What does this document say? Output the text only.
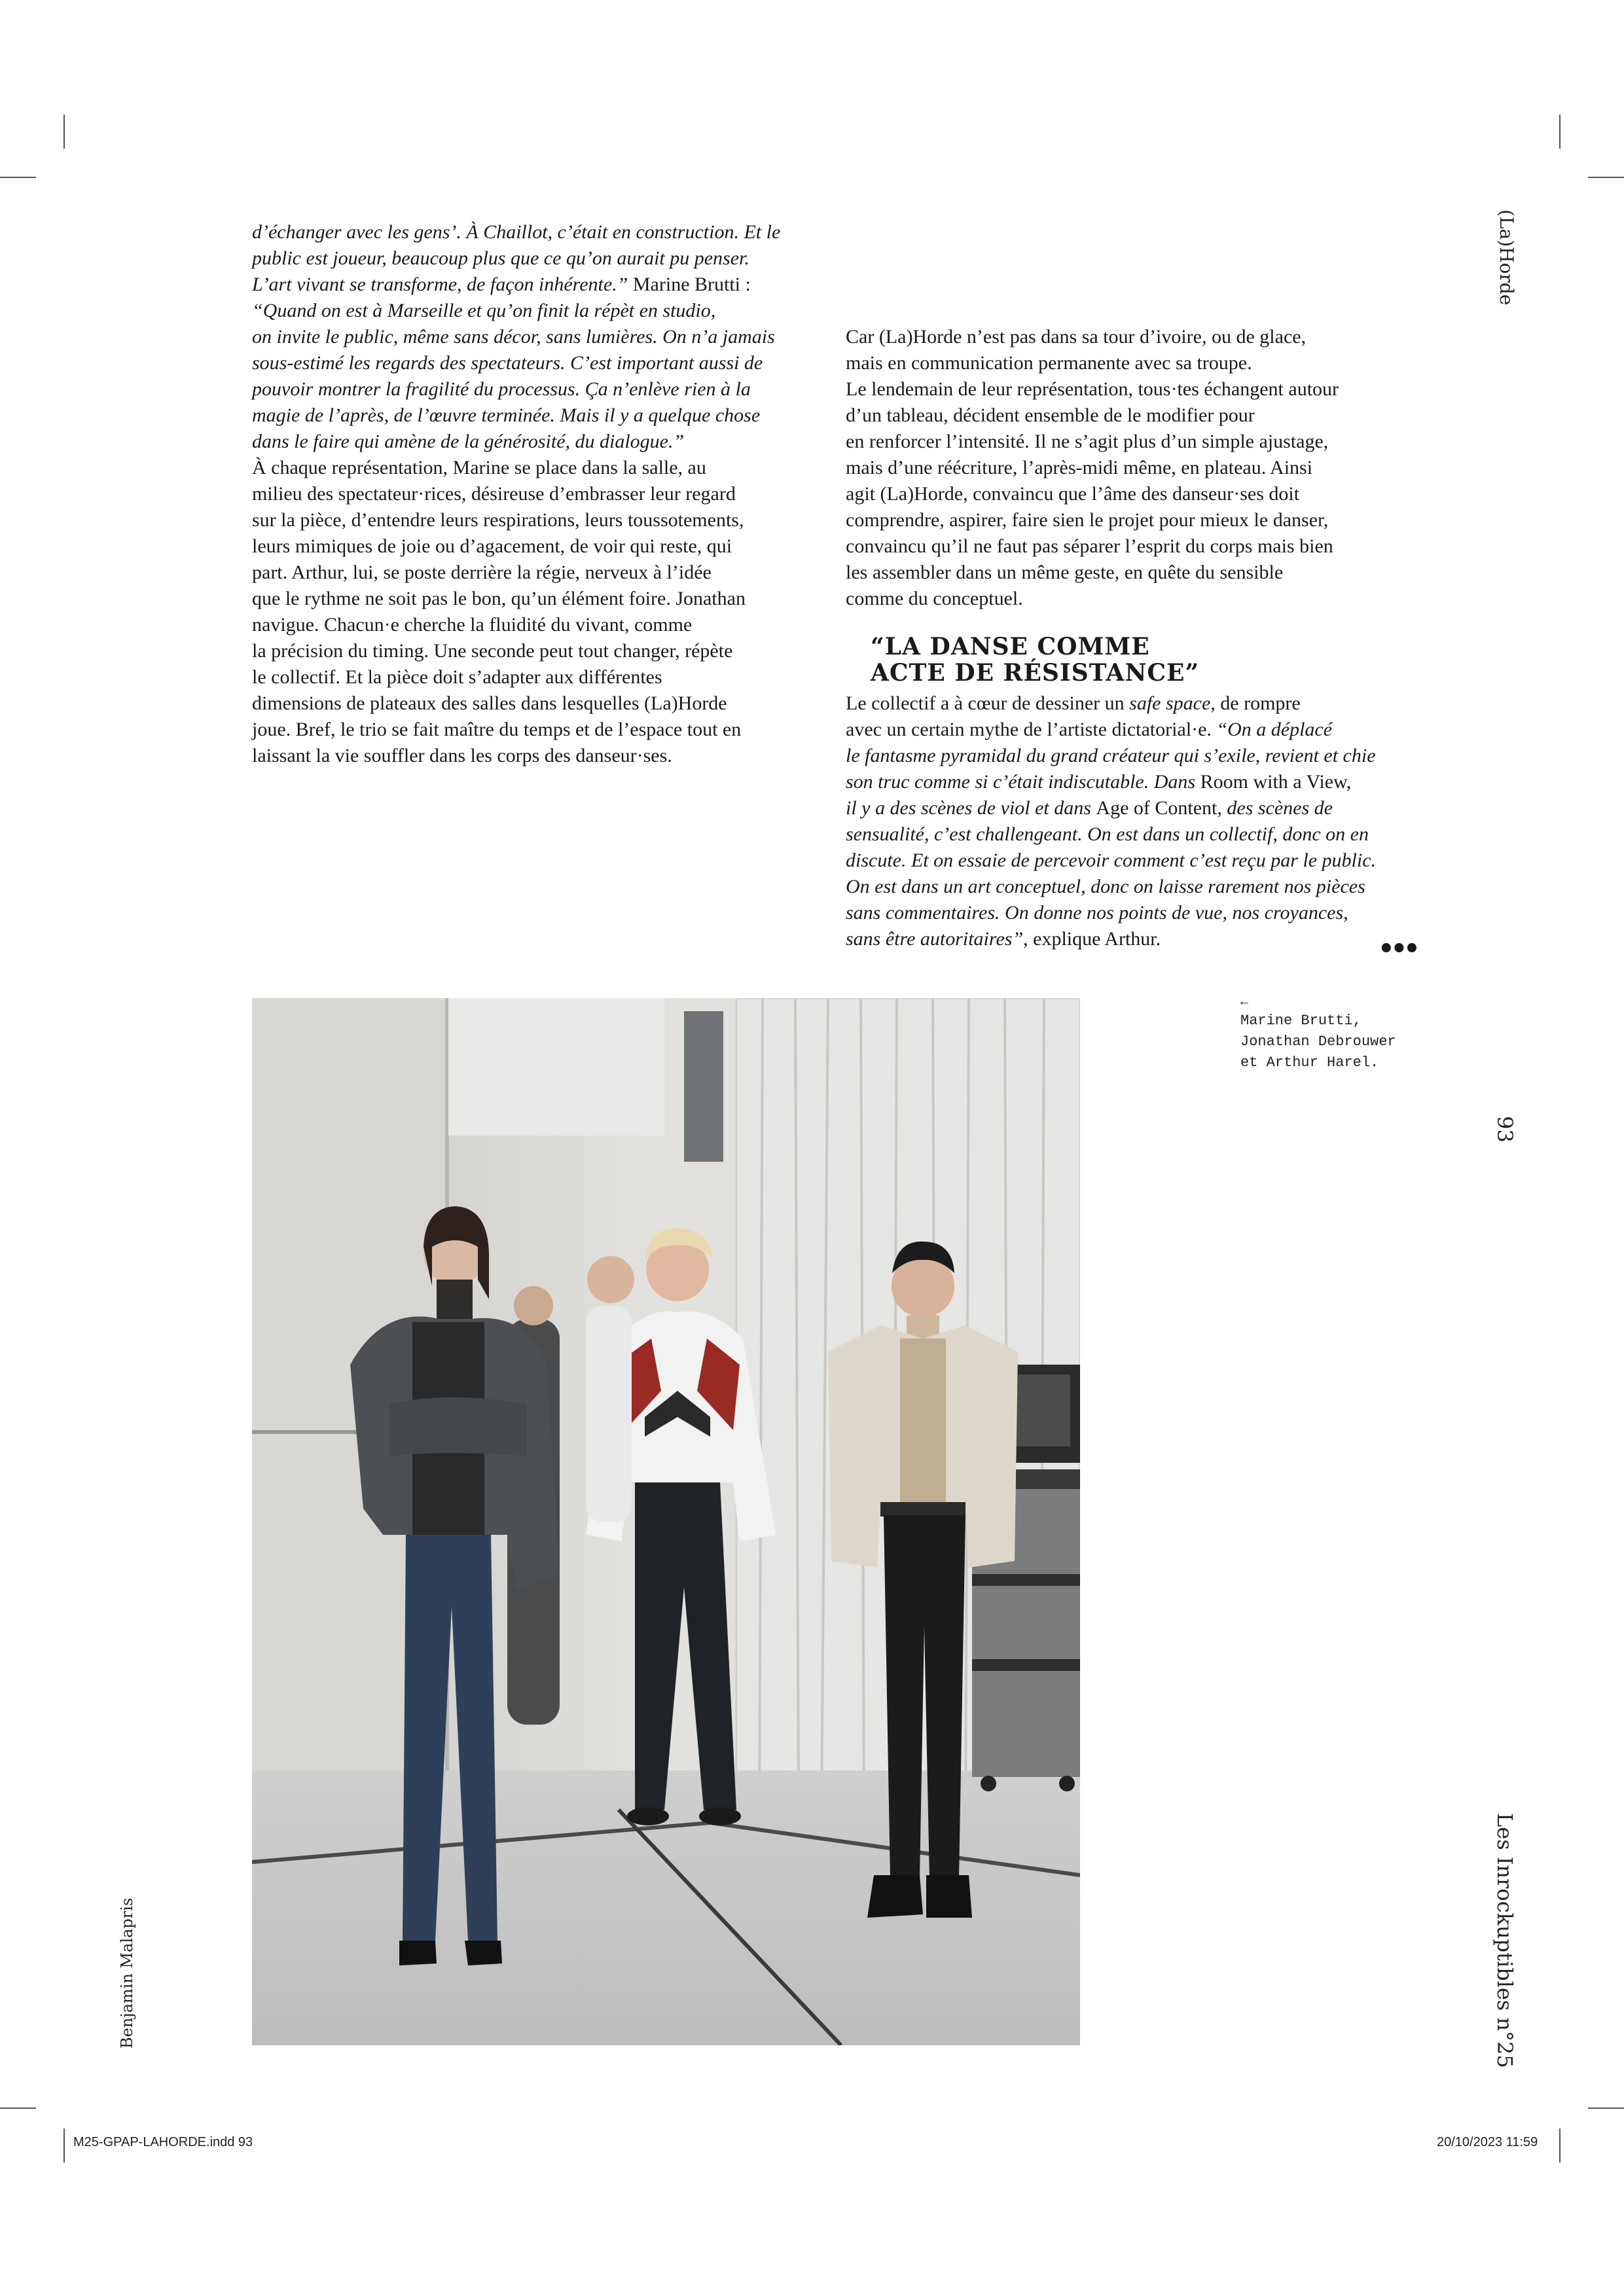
d’échanger avec les gens’. À Chaillot, c’était en construction. Et le

public est joueur, beaucoup plus que ce qu’on aurait pu penser.

L’art vivant se transforme, de façon inhérente.” Marine Brutti :

“Quand on est à Marseille et qu’on finit la répèt en studio,

on invite le public, même sans décor, sans lumières. On n’a jamais

sous-estimé les regards des spectateurs. C’est important aussi de

pouvoir montrer la fragilité du processus. Ça n’enlève rien à la

magie de l’après, de l’œuvre terminée. Mais il y a quelque chose

dans le faire qui amène de la générosité, du dialogue.”

À chaque représentation, Marine se place dans la salle, au

milieu des spectateur·rices, désireuse d’embrasser leur regard

sur la pièce, d’entendre leurs respirations, leurs toussotements,

leurs mimiques de joie ou d’agacement, de voir qui reste, qui

part. Arthur, lui, se poste derrière la régie, nerveux à l’idée

que le rythme ne soit pas le bon, qu’un élément foire. Jonathan

navigue. Chacun·e cherche la fluidité du vivant, comme

la précision du timing. Une seconde peut tout changer, répète

le collectif. Et la pièce doit s’adapter aux différentes

dimensions de plateaux des salles dans lesquelles (La)Horde

joue. Bref, le trio se fait maître du temps et de l’espace tout en

laissant la vie souffler dans les corps des danseur·ses.

Car (La)Horde n’est pas dans sa tour d’ivoire, ou de glace,

mais en communication permanente avec sa troupe.

Le lendemain de leur représentation, tous·tes échangent autour

d’un tableau, décident ensemble de le modifier pour

en renforcer l’intensité. Il ne s’agit plus d’un simple ajustage,

mais d’une réécriture, l’après-midi même, en plateau. Ainsi

agit (La)Horde, convaincu que l’âme des danseur·ses doit

comprendre, aspirer, faire sien le projet pour mieux le danser,

convaincu qu’il ne faut pas séparer l’esprit du corps mais bien

les assembler dans un même geste, en quête du sensible

comme du conceptuel.

“LA DANSE COMME
ACTE DE RÉSISTANCE”

Le collectif a à cœur de dessiner un safe space, de rompre

avec un certain mythe de l’artiste dictatorial·e. “On a déplacé

le fantasme pyramidal du grand créateur qui s’exile, revient et chie

son truc comme si c’était indiscutable. Dans Room with a View,

il y a des scènes de viol et dans Age of Content, des scènes de

sensualité, c’est challengeant. On est dans un collectif, donc on en

discute. Et on essaie de percevoir comment c’est reçu par le public.

On est dans un art conceptuel, donc on laisse rarement nos pièces

sans commentaires. On donne nos points de vue, nos croyances,

sans être autoritaires”, explique Arthur.	•••
←
Marine Brutti,
Jonathan Debrouwer
et Arthur Harel.
(La)Horde
93
Les Inrockuptibles n°25
Benjamin Malapris
M25-GPAP-LAHORDE.indd 93	20/10/2023 11:59
